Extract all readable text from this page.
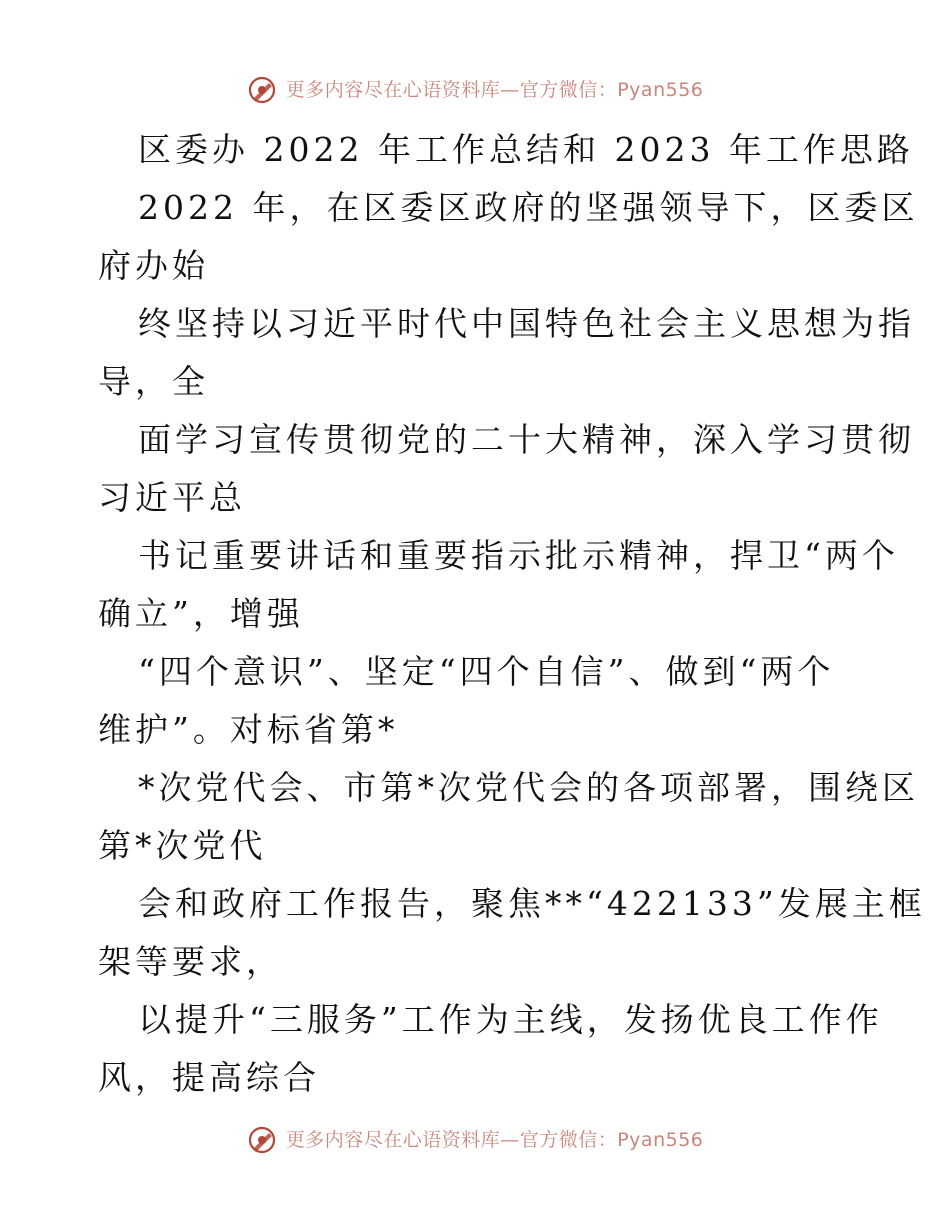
更多内容尽在心语资料库—官方微信：Pyan556
区委办 2022 年工作总结和 2023 年工作思路
2022 年，在区委区政府的坚强领导下，区委区
府办始
终坚持以习近平时代中国特色社会主义思想为指
导，全
面学习宣传贯彻党的二十大精神，深入学习贯彻
习近平总
书记重要讲话和重要指示批示精神，捍卫“两个
确立”，增强
“四个意识”、坚定“四个自信”、做到“两个
维护”。对标省第*
*次党代会、市第*次党代会的各项部署，围绕区
第*次党代
会和政府工作报告，聚焦**“422133”发展主框
架等要求，
以提升“三服务”工作为主线，发扬优良工作作
风，提高综合
更多内容尽在心语资料库—官方微信：Pyan556
